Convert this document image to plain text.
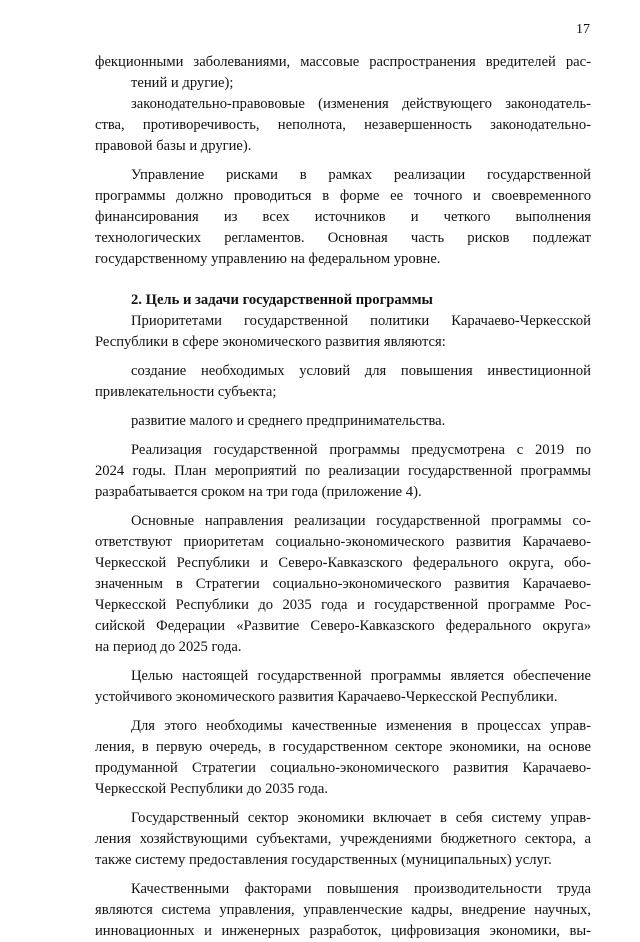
17
фекционными заболеваниями, массовые распространения вредителей рас-
тений и другие);
законодательно-правововые (изменения действующего законодатель-
ства, противоречивость, неполнота, незавершенность законодательно-
правовой базы и другие).
Управление рисками в рамках реализации государственной
программы должно проводиться в форме ее точного и своевременного
финансирования из всех источников и четкого выполнения
технологических регламентов. Основная часть рисков подлежат
государственному управлению на федеральном уровне.
2. Цель и задачи государственной программы
Приоритетами государственной политики Карачаево-Черкесской
Республики в сфере экономического развития являются:
создание необходимых условий для повышения инвестиционной
привлекательности субъекта;
развитие малого и среднего предпринимательства.
Реализация государственной программы предусмотрена с 2019 по
2024 годы. План мероприятий по реализации государственной программы
разрабатывается сроком на три года (приложение 4).
Основные направления реализации государственной программы со-
ответствуют приоритетам социально-экономического развития Карачаево-
Черкесской Республики и Северо-Кавказского федерального округа, обо-
значенным в Стратегии социально-экономического развития Карачаево-
Черкесской Республики до 2035 года и государственной программе Рос-
сийской Федерации «Развитие Северо-Кавказского федерального округа»
на период до 2025 года.
Целью настоящей государственной программы является обеспечение
устойчивого экономического развития Карачаево-Черкесской Республики.
Для этого необходимы качественные изменения в процессах управ-
ления, в первую очередь, в государственном секторе экономики, на основе
продуманной Стратегии социально-экономического развития Карачаево-
Черкесской Республики до 2035 года.
Государственный сектор экономики включает в себя систему управ-
ления хозяйствующими субъектами, учреждениями бюджетного сектора, а
также систему предоставления государственных (муниципальных) услуг.
Качественными факторами повышения производительности труда
являются система управления, управленческие кадры, внедрение научных,
инновационных и инженерных разработок, цифровизация экономики, вы-
